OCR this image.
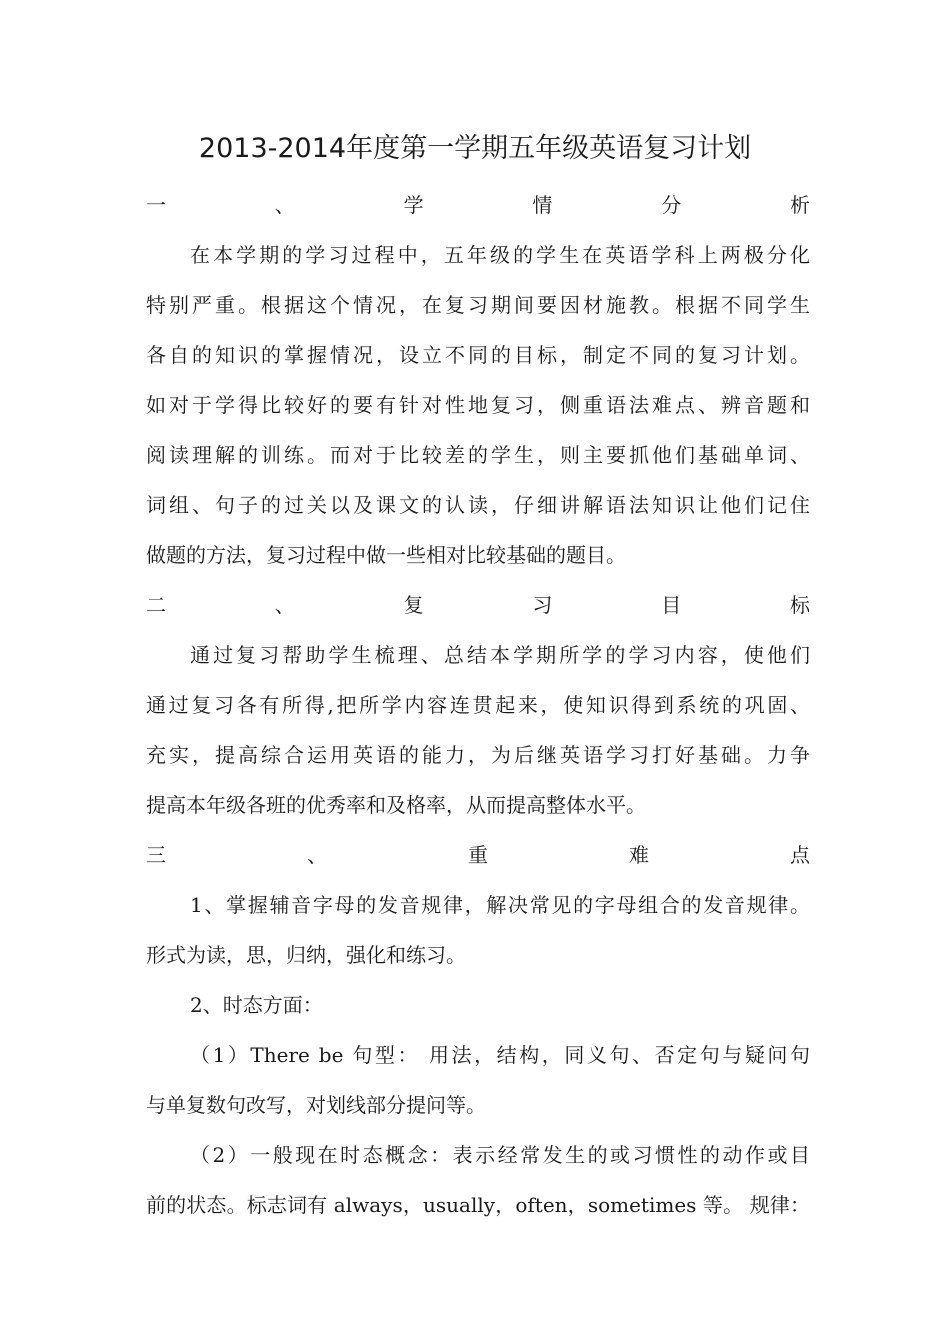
2013-2014年度第一学期五年级英语复习计划
一、学情分析
在本学期的学习过程中，五年级的学生在英语学科上两极分化
特别严重。根据这个情况，在复习期间要因材施教。根据不同学生
各自的知识的掌握情况，设立不同的目标，制定不同的复习计划。
如对于学得比较好的要有针对性地复习，侧重语法难点、辨音题和
阅读理解的训练。而对于比较差的学生，则主要抓他们基础单词、
词组、句子的过关以及课文的认读，仔细讲解语法知识让他们记住
做题的方法，复习过程中做一些相对比较基础的题目。
二、复习目标
通过复习帮助学生梳理、总结本学期所学的学习内容，使他们
通过复习各有所得,把所学内容连贯起来，使知识得到系统的巩固、
充实，提高综合运用英语的能力，为后继英语学习打好基础。力争
提高本年级各班的优秀率和及格率，从而提高整体水平。
三、重难点
1、掌握辅音字母的发音规律，解决常见的字母组合的发音规律。
形式为读，思，归纳，强化和练习。
2、时态方面：
（1）There be 句型： 用法，结构，同义句、否定句与疑问句
与单复数句改写，对划线部分提问等。
（2）一般现在时态概念：表示经常发生的或习惯性的动作或目
前的状态。标志词有 always，usually，often，sometimes 等。 规律：
